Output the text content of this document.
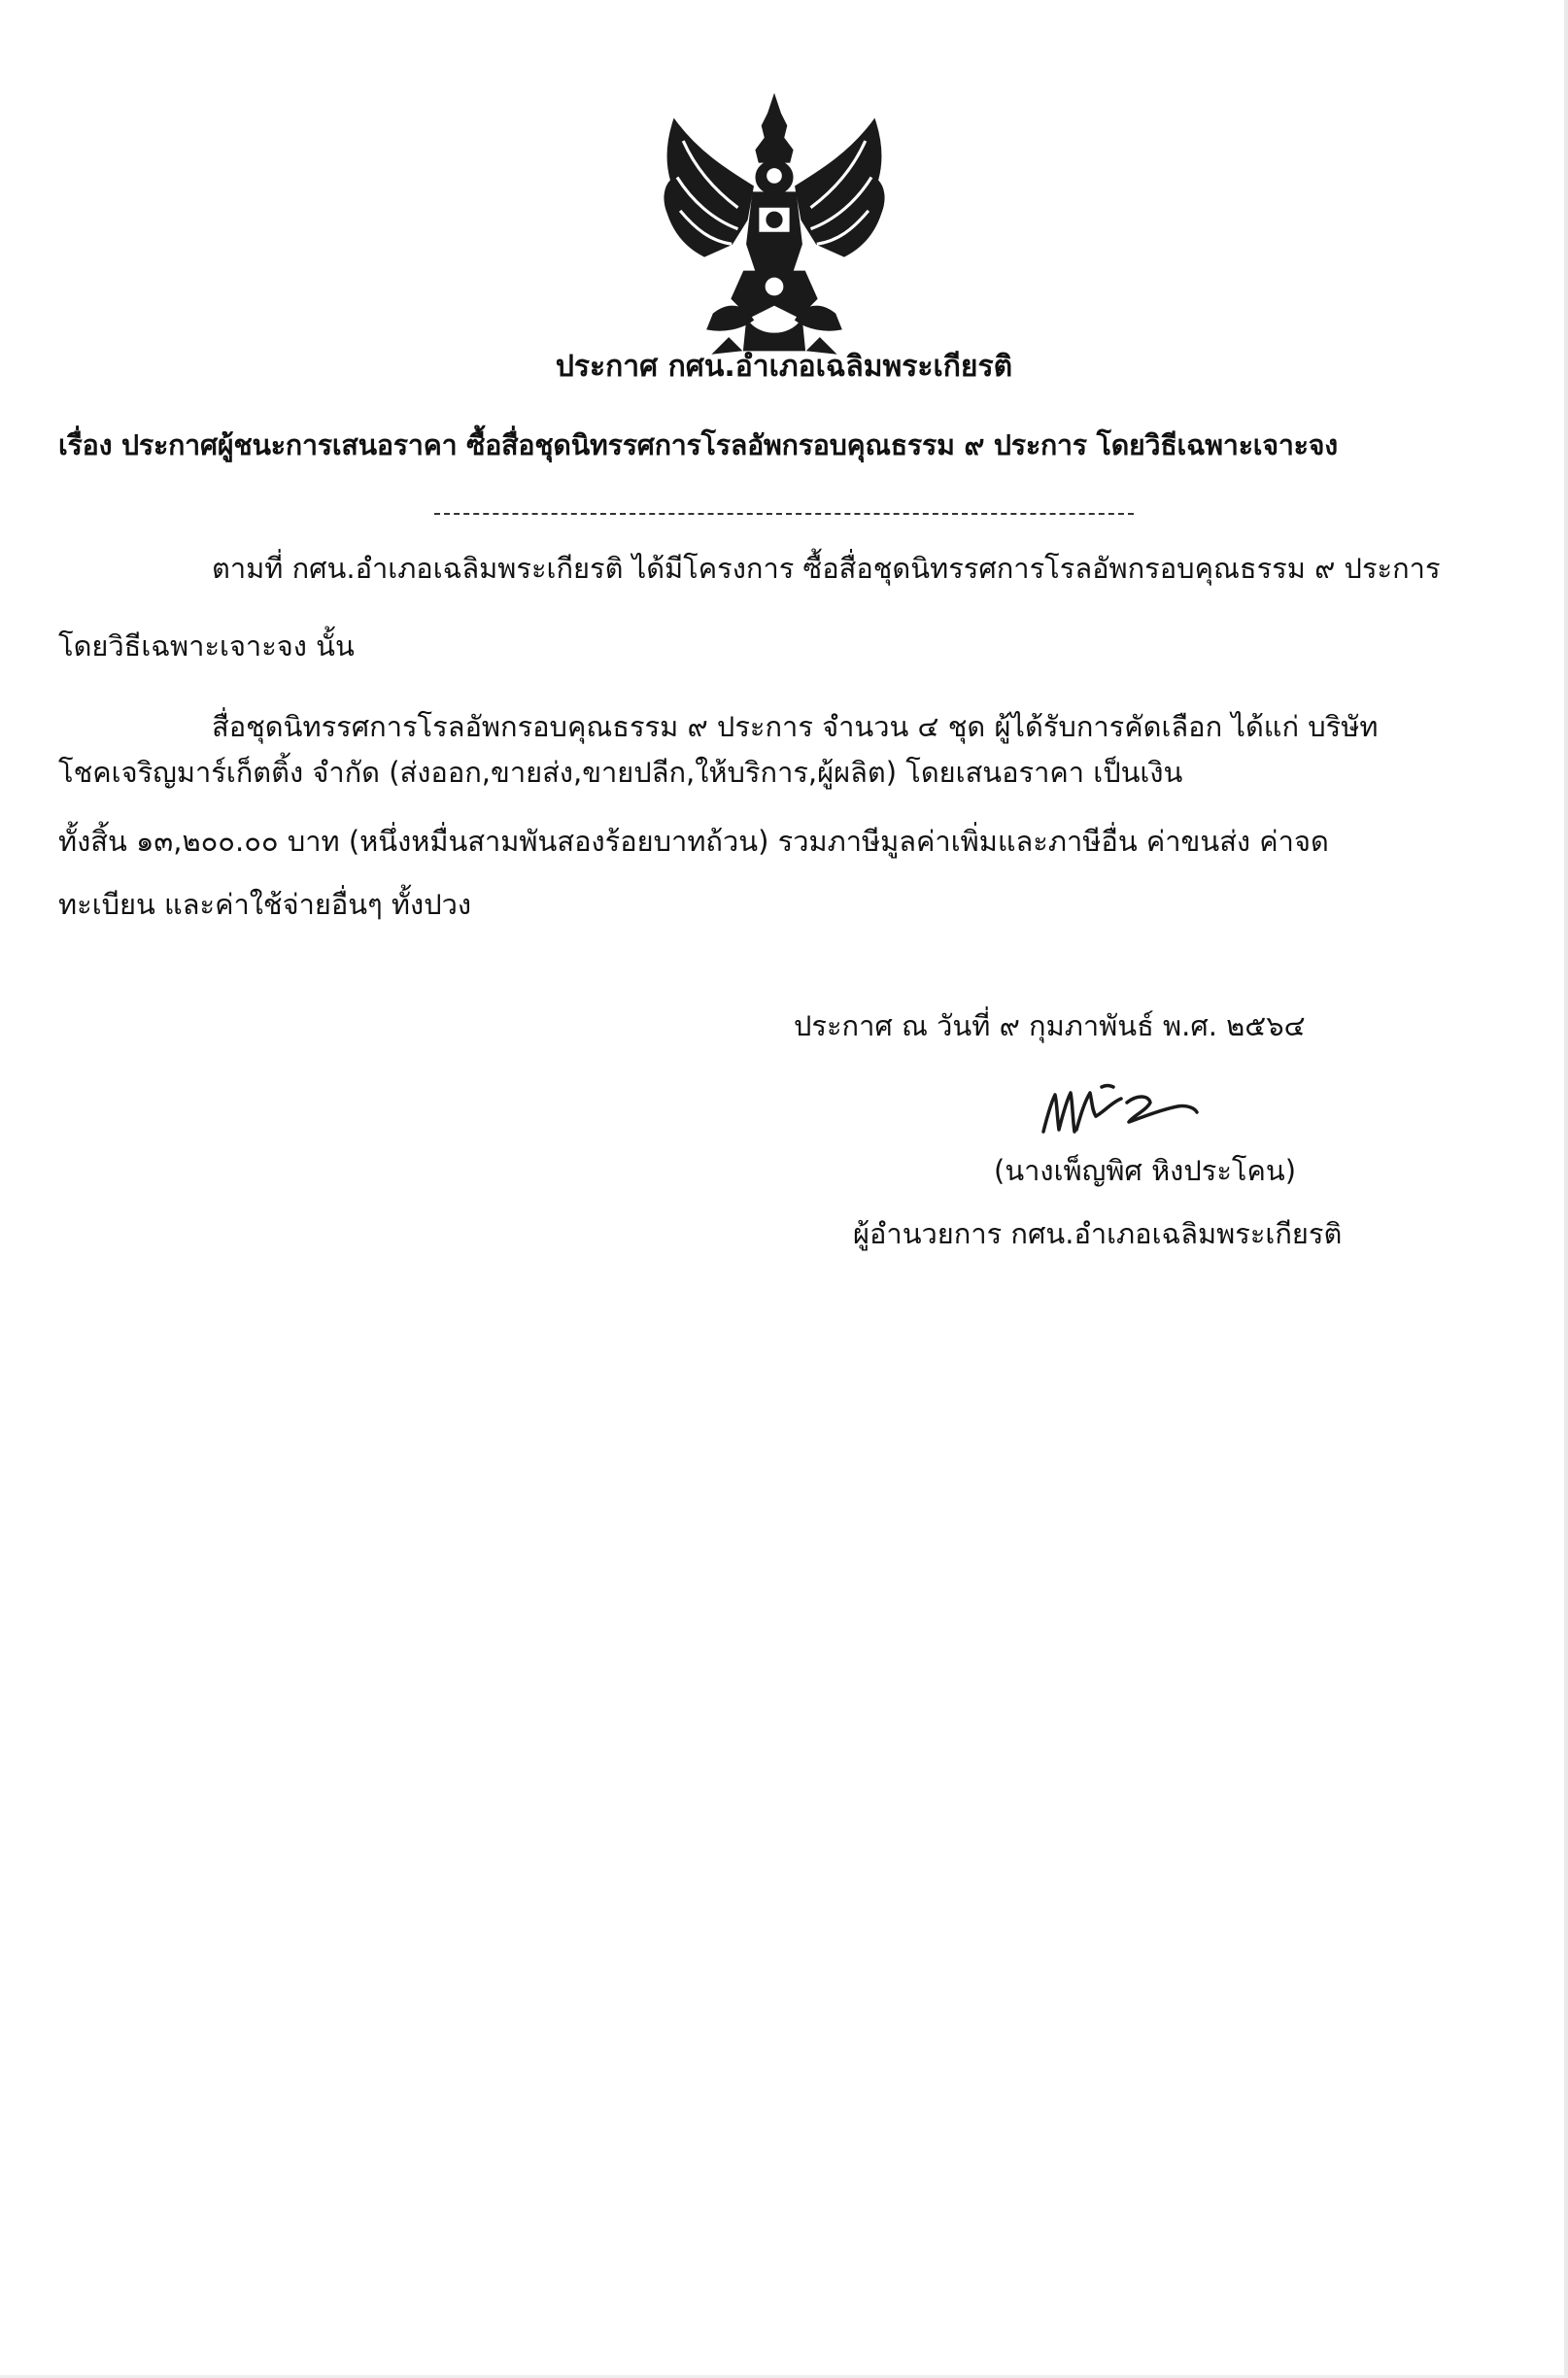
ประกาศ กศน.อำเภอเฉลิมพระเกียรติ
เรื่อง ประกาศผู้ชนะการเสนอราคา ซื้อสื่อชุดนิทรรศการโรลอัพกรอบคุณธรรม ๙ ประการ โดยวิธีเฉพาะเจาะจง
ตามที่ กศน.อำเภอเฉลิมพระเกียรติ ได้มีโครงการ ซื้อสื่อชุดนิทรรศการโรลอัพกรอบคุณธรรม ๙ ประการ
โดยวิธีเฉพาะเจาะจง นั้น
สื่อชุดนิทรรศการโรลอัพกรอบคุณธรรม ๙ ประการ จำนวน ๔ ชุด ผู้ได้รับการคัดเลือก ได้แก่ บริษัท
โชคเจริญมาร์เก็ตติ้ง จำกัด (ส่งออก,ขายส่ง,ขายปลีก,ให้บริการ,ผู้ผลิต) โดยเสนอราคา เป็นเงิน
ทั้งสิ้น ๑๓,๒๐๐.๐๐ บาท (หนึ่งหมื่นสามพันสองร้อยบาทถ้วน) รวมภาษีมูลค่าเพิ่มและภาษีอื่น ค่าขนส่ง ค่าจด
ทะเบียน และค่าใช้จ่ายอื่นๆ ทั้งปวง
ประกาศ ณ วันที่ ๙ กุมภาพันธ์ พ.ศ. ๒๕๖๔
(นางเพ็ญพิศ หิงประโคน)
ผู้อำนวยการ กศน.อำเภอเฉลิมพระเกียรติ
